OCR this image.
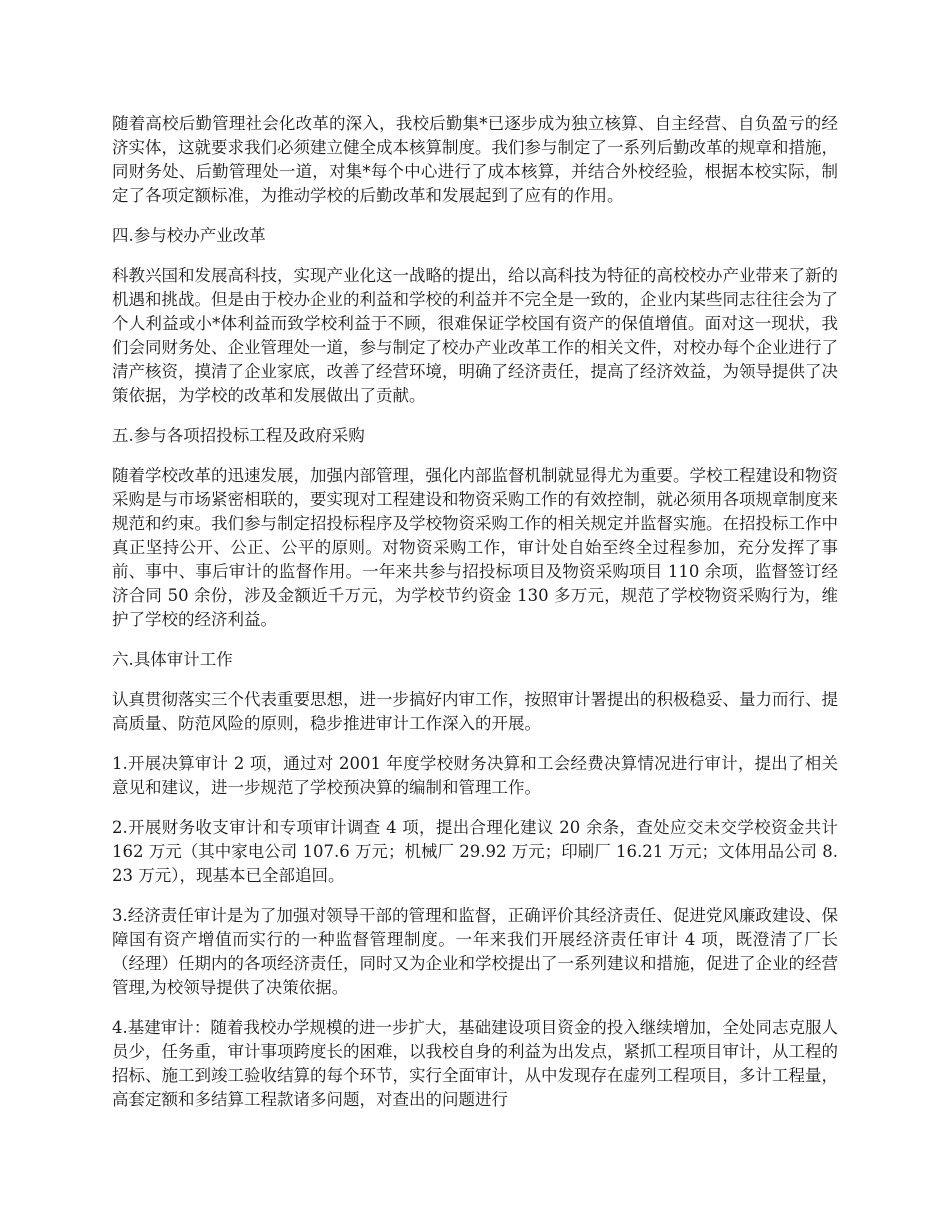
随着高校后勤管理社会化改革的深入，我校后勤集*已逐步成为独立核算、自主经营、自负盈亏的经济实体，这就要求我们必须建立健全成本核算制度。我们参与制定了一系列后勤改革的规章和措施，同财务处、后勤管理处一道，对集*每个中心进行了成本核算，并结合外校经验，根据本校实际，制定了各项定额标准，为推动学校的后勤改革和发展起到了应有的作用。

四.参与校办产业改革

科教兴国和发展高科技，实现产业化这一战略的提出，给以高科技为特征的高校校办产业带来了新的机遇和挑战。但是由于校办企业的利益和学校的利益并不完全是一致的，企业内某些同志往往会为了个人利益或小*体利益而致学校利益于不顾，很难保证学校国有资产的保值增值。面对这一现状，我们会同财务处、企业管理处一道，参与制定了校办产业改革工作的相关文件，对校办每个企业进行了清产核资，摸清了企业家底，改善了经营环境，明确了经济责任，提高了经济效益，为领导提供了决策依据，为学校的改革和发展做出了贡献。

五.参与各项招投标工程及政府采购

随着学校改革的迅速发展，加强内部管理，强化内部监督机制就显得尤为重要。学校工程建设和物资采购是与市场紧密相联的，要实现对工程建设和物资采购工作的有效控制，就必须用各项规章制度来规范和约束。我们参与制定招投标程序及学校物资采购工作的相关规定并监督实施。在招投标工作中真正坚持公开、公正、公平的原则。对物资采购工作，审计处自始至终全过程参加，充分发挥了事前、事中、事后审计的监督作用。一年来共参与招投标项目及物资采购项目 110 余项，监督签订经济合同 50 余份，涉及金额近千万元，为学校节约资金 130 多万元，规范了学校物资采购行为，维护了学校的经济利益。

六.具体审计工作

认真贯彻落实三个代表重要思想，进一步搞好内审工作，按照审计署提出的积极稳妥、量力而行、提高质量、防范风险的原则，稳步推进审计工作深入的开展。

1.开展决算审计 2 项，通过对 2001 年度学校财务决算和工会经费决算情况进行审计，提出了相关意见和建议，进一步规范了学校预决算的编制和管理工作。

2.开展财务收支审计和专项审计调查 4 项，提出合理化建议 20 余条，查处应交未交学校资金共计 162 万元（其中家电公司 107.6 万元；机械厂 29.92 万元；印刷厂 16.21 万元；文体用品公司 8.23 万元），现基本已全部追回。

3.经济责任审计是为了加强对领导干部的管理和监督，正确评价其经济责任、促进党风廉政建设、保障国有资产增值而实行的一种监督管理制度。一年来我们开展经济责任审计 4 项，既澄清了厂长（经理）任期内的各项经济责任，同时又为企业和学校提出了一系列建议和措施，促进了企业的经营管理,为校领导提供了决策依据。

4.基建审计：随着我校办学规模的进一步扩大，基础建设项目资金的投入继续增加，全处同志克服人员少，任务重，审计事项跨度长的困难，以我校自身的利益为出发点，紧抓工程项目审计，从工程的招标、施工到竣工验收结算的每个环节，实行全面审计，从中发现存在虚列工程项目，多计工程量，高套定额和多结算工程款诸多问题，对查出的问题进行
